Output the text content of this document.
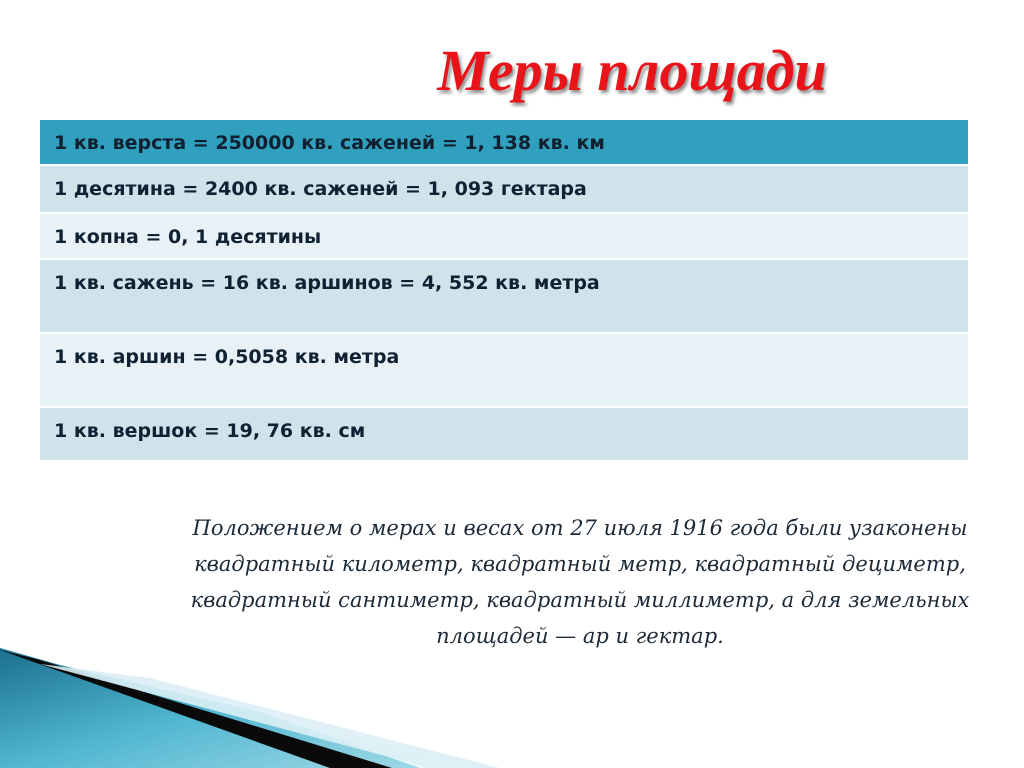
Меры площади
1 кв. верста = 250000 кв. саженей = 1, 138 кв. км
1 десятина = 2400 кв. саженей = 1, 093 гектара
1 копна = 0, 1 десятины
1 кв. сажень = 16 кв. аршинов = 4, 552 кв. метра
1 кв. аршин = 0,5058 кв. метра
1 кв. вершок = 19, 76 кв. см

Положением о мерах и весах от 27 июля 1916 года были узаконены квадратный километр, квадратный метр, квадратный дециметр, квадратный сантиметр, квадратный миллиметр, а для земельных площадей — ар и гектар.
